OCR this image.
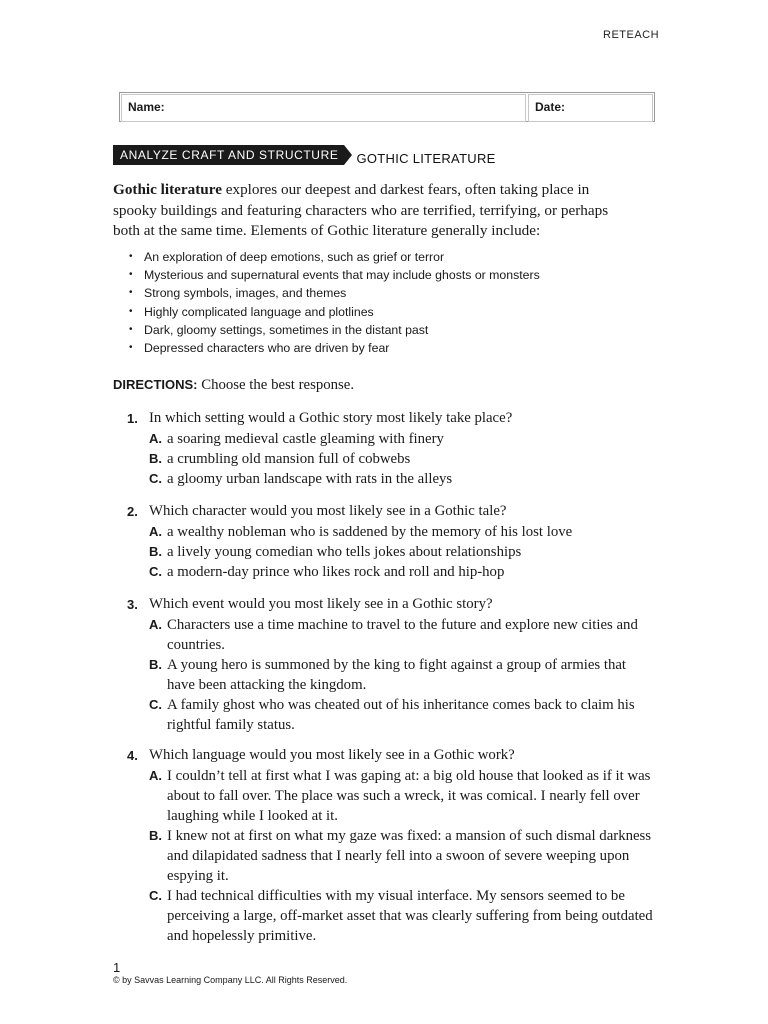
RETEACH
Name:	Date:
ANALYZE CRAFT AND STRUCTURE	GOTHIC LITERATURE
Gothic literature explores our deepest and darkest fears, often taking place in spooky buildings and featuring characters who are terrified, terrifying, or perhaps both at the same time. Elements of Gothic literature generally include:
• An exploration of deep emotions, such as grief or terror
• Mysterious and supernatural events that may include ghosts or monsters
• Strong symbols, images, and themes
• Highly complicated language and plotlines
• Dark, gloomy settings, sometimes in the distant past
• Depressed characters who are driven by fear
DIRECTIONS: Choose the best response.
1. In which setting would a Gothic story most likely take place?
A. a soaring medieval castle gleaming with finery
B. a crumbling old mansion full of cobwebs
C. a gloomy urban landscape with rats in the alleys
2. Which character would you most likely see in a Gothic tale?
A. a wealthy nobleman who is saddened by the memory of his lost love
B. a lively young comedian who tells jokes about relationships
C. a modern-day prince who likes rock and roll and hip-hop
3. Which event would you most likely see in a Gothic story?
A. Characters use a time machine to travel to the future and explore new cities and countries.
B. A young hero is summoned by the king to fight against a group of armies that have been attacking the kingdom.
C. A family ghost who was cheated out of his inheritance comes back to claim his rightful family status.
4. Which language would you most likely see in a Gothic work?
A. I couldn’t tell at first what I was gaping at: a big old house that looked as if it was about to fall over. The place was such a wreck, it was comical. I nearly fell over laughing while I looked at it.
B. I knew not at first on what my gaze was fixed: a mansion of such dismal darkness and dilapidated sadness that I nearly fell into a swoon of severe weeping upon espying it.
C. I had technical difficulties with my visual interface. My sensors seemed to be perceiving a large, off-market asset that was clearly suffering from being outdated and hopelessly primitive.
1
© by Savvas Learning Company LLC. All Rights Reserved.
